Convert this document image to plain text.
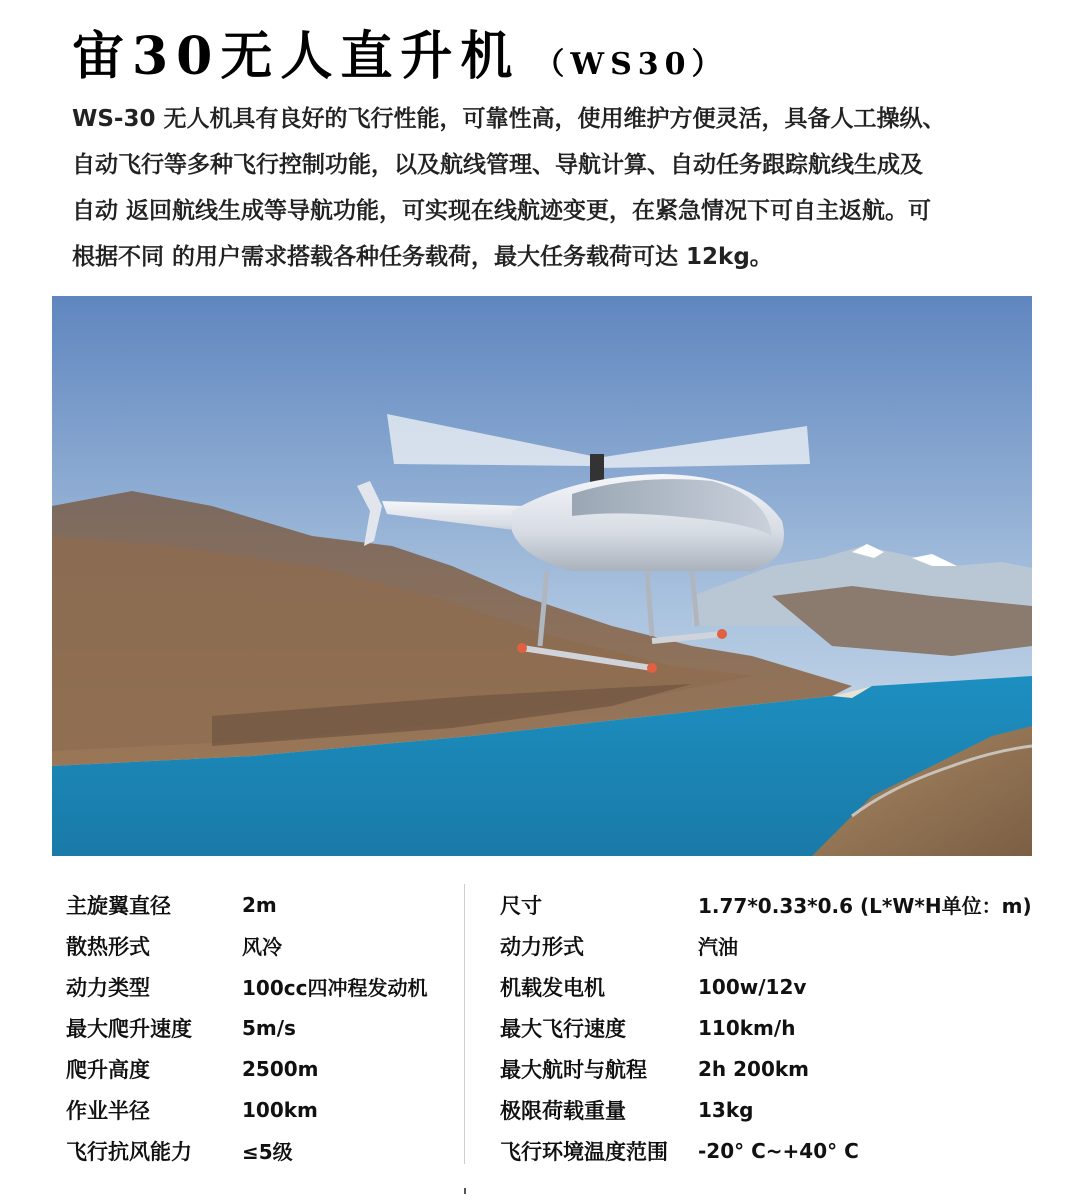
宙30无人直升机 （WS30）

WS-30 无人机具有良好的飞行性能，可靠性高，使用维护方便灵活，具备人工操纵、

自动飞行等多种飞行控制功能，以及航线管理、导航计算、自动任务跟踪航线生成及

自动 返回航线生成等导航功能，可实现在线航迹变更，在紧急情况下可自主返航。可

根据不同 的用户需求搭载各种任务载荷，最大任务载荷可达 12kg。

主旋翼直径	2m
散热形式	风冷
动力类型	100cc四冲程发动机
最大爬升速度	5m/s
爬升高度	2500m
作业半径	100km
飞行抗风能力	≤5级
尺寸	1.77*0.33*0.6 (L*W*H单位：m)
动力形式	汽油
机载发电机	100w/12v
最大飞行速度	110km/h
最大航时与航程	2h 200km
极限荷载重量	13kg
飞行环境温度范围	-20° C~+40° C
